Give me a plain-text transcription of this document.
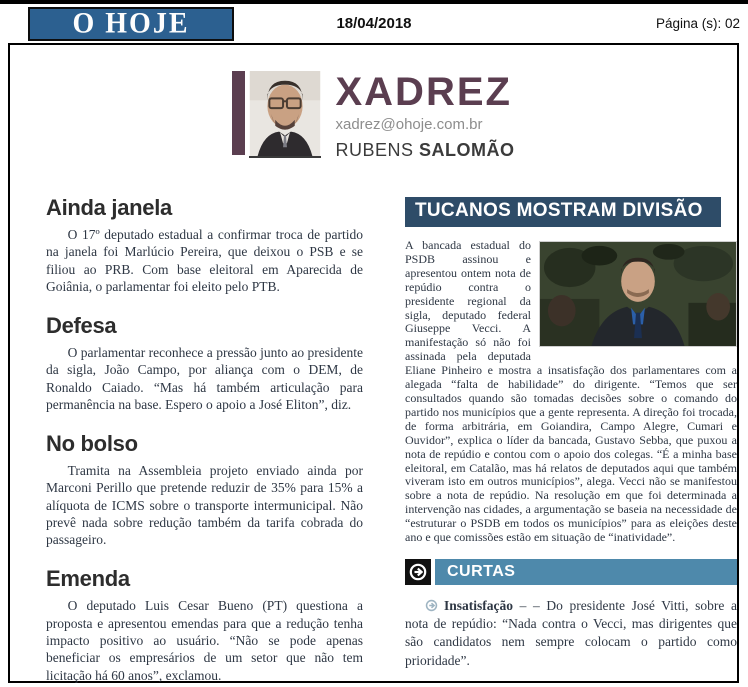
O HOJE	18/04/2018	Página (s): 02
XADREZ
xadrez@ohoje.com.br
RUBENS SALOMÃO
Ainda janela

O 17º deputado estadual a confirmar troca de partido na janela foi Marlúcio Pereira, que deixou o PSB e se filiou ao PRB. Com base eleitoral em Aparecida de Goiânia, o parlamentar foi eleito pelo PTB.

Defesa

O parlamentar reconhece a pressão junto ao presidente da sigla, João Campo, por aliança com o DEM, de Ronaldo Caiado. “Mas há também articulação para permanência na base. Espero o apoio a José Eliton”, diz.

No bolso

Tramita na Assembleia projeto enviado ainda por Marconi Perillo que pretende reduzir de 35% para 15% a alíquota de ICMS sobre o transporte intermunicipal. Não prevê nada sobre redução também da tarifa cobrada do passageiro.

Emenda

O deputado Luis Cesar Bueno (PT) questiona a proposta e apresentou emendas para que a redução tenha impacto positivo ao usuário. “Não se pode apenas beneficiar os empresários de um setor que não tem licitação há 60 anos”, exclamou.

TUCANOS MOSTRAM DIVISÃO
A bancada estadual do PSDB assinou e apresentou ontem nota de repúdio contra o presidente regional da sigla, deputado federal Giuseppe Vecci. A manifestação só não foi assinada pela deputada Eliane Pinheiro e mostra a insatisfação dos parlamentares com a alegada “falta de habilidade” do dirigente. “Temos que ser consultados quando são tomadas decisões sobre o comando do partido nos municípios que a gente representa. A direção foi trocada, de forma arbitrária, em Goiandira, Campo Alegre, Cumari e Ouvidor”, explica o líder da bancada, Gustavo Sebba, que puxou a nota de repúdio e contou com o apoio dos colegas. “É a minha base eleitoral, em Catalão, mas há relatos de deputados aqui que também viveram isto em outros municípios”, alega. Vecci não se manifestou sobre a nota de repúdio. Na resolução em que foi determinada a intervenção nas cidades, a argumentação se baseia na necessidade de “estruturar o PSDB em todos os municípios” para as eleições deste ano e que comissões estão em situação de “inatividade”.
CURTAS

Insatisfação – – Do presidente José Vitti, sobre a nota de repúdio: “Nada contra o Vecci, mas dirigentes que são candidatos nem sempre colocam o partido como prioridade”.
